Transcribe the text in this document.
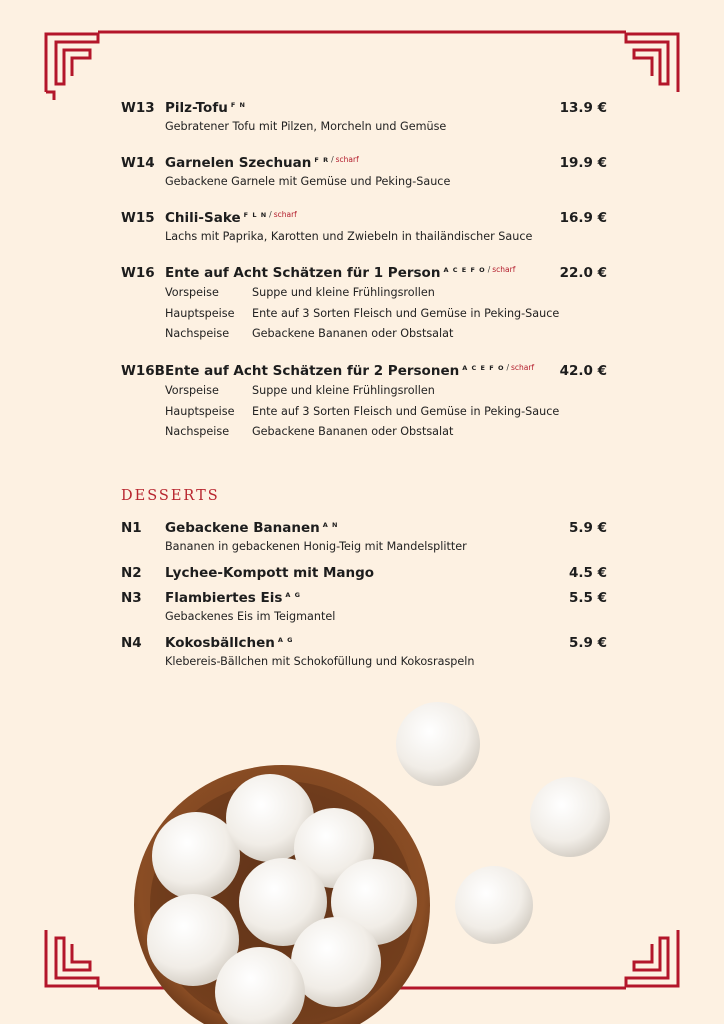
W13 Pilz-Tofu $^{F N}$	13.9 €
Gebratener Tofu mit Pilzen, Morcheln und Gemüse
W14 Garnelen Szechuan $^{F R}$ / $^{scharf}$	19.9 €
Gebackene Garnele mit Gemüse und Peking-Sauce
W15 Chili-Sake $^{F L N}$ / $^{scharf}$	16.9 €
Lachs mit Paprika, Karotten und Zwiebeln in thailändischer Sauce
W16 Ente auf Acht Schätzen für 1 Person $^{A C E F O}$ / $^{scharf}$	22.0 €
Vorspeise	Suppe und kleine Frühlingsrollen
Hauptspeise	Ente auf 3 Sorten Fleisch und Gemüse in Peking-Sauce
Nachspeise	Gebackene Bananen oder Obstsalat
W16B Ente auf Acht Schätzen für 2 Personen $^{A C E F O}$ / $^{scharf}$ 42.0 €
Vorspeise	Suppe und kleine Frühlingsrollen
Hauptspeise	Ente auf 3 Sorten Fleisch und Gemüse in Peking-Sauce
Nachspeise	Gebackene Bananen oder Obstsalat
DESSERTS
N1 Gebackene Bananen $^{A N}$	5.9 €
Bananen in gebackenen Honig-Teig mit Mandelsplitter
N2 Lychee-Kompott mit Mango	4.5 €
N3 Flambiertes Eis $^{A G}$	5.5 €
Gebackenes Eis im Teigmantel
N4 Kokosbällchen $^{A G}$	5.9 €
Klebereis-Bällchen mit Schokofüllung und Kokosraspeln
